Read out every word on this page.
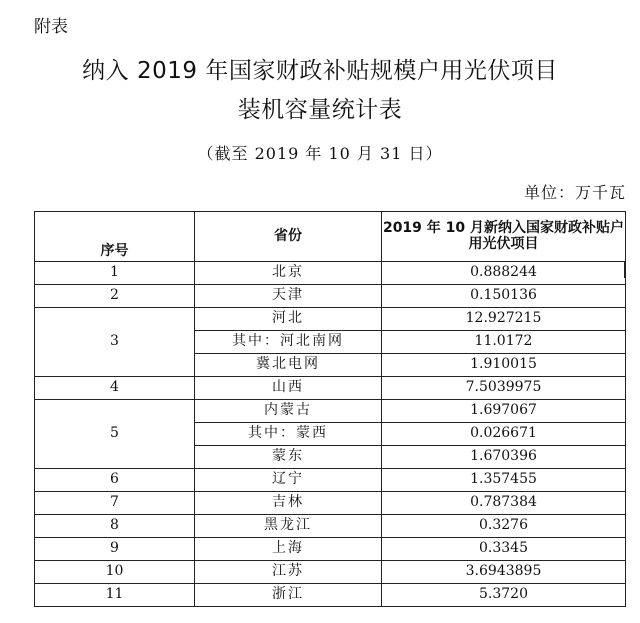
附表
纳入 2019 年国家财政补贴规模户用光伏项目
装机容量统计表
（截至 2019 年 10 月 31 日）
单位：万千瓦
序号	省份	2019 年 10 月新纳入国家财政补贴户用光伏项目
1	北京	0.888244
2	天津	0.150136
3	河北	12.927215
	其中：河北南网	11.0172
	冀北电网	1.910015
4	山西	7.5039975
5	内蒙古	1.697067
	其中：蒙西	0.026671
	蒙东	1.670396
6	辽宁	1.357455
7	吉林	0.787384
8	黑龙江	0.3276
9	上海	0.3345
10	江苏	3.6943895
11	浙江	5.3720
